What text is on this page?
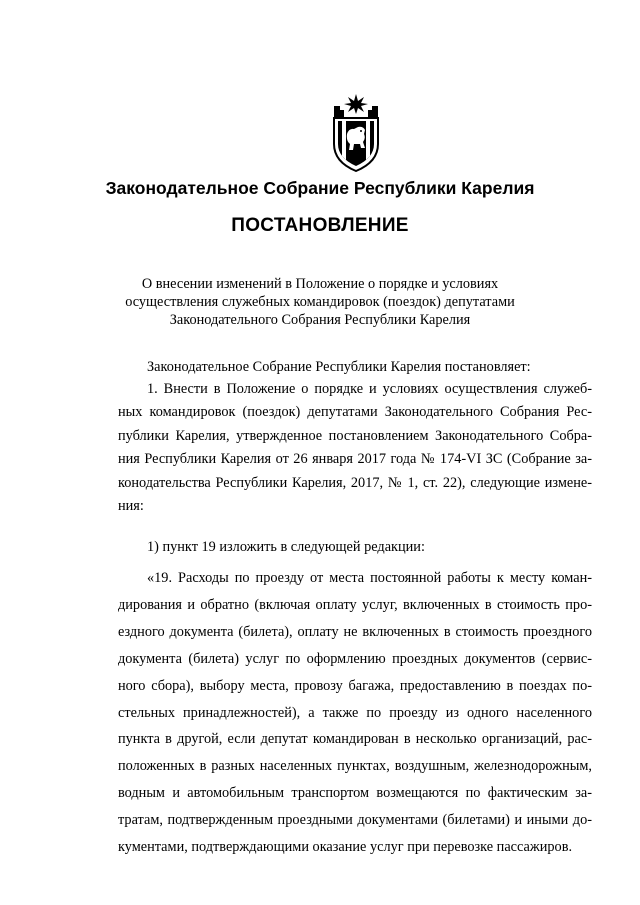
Законодательное Собрание Республики Карелия
ПОСТАНОВЛЕНИЕ
О внесении изменений в Положение о порядке и условиях
осуществления служебных командировок (поездок) депутатами
Законодательного Собрания Республики Карелия
Законодательное Собрание Республики Карелия постановляет:
1. Внести в Положение о порядке и условиях осуществления служеб-
ных командировок (поездок) депутатами Законодательного Собрания Рес-
публики Карелия, утвержденное постановлением Законодательного Собра-
ния Республики Карелия от 26 января 2017 года № 174-VI ЗС (Собрание за-
конодательства Республики Карелия, 2017, № 1, ст. 22), следующие измене-
ния:
1) пункт 19 изложить в следующей редакции:
«19. Расходы по проезду от места постоянной работы к месту коман-
дирования и обратно (включая оплату услуг, включенных в стоимость про-
ездного документа (билета), оплату не включенных в стоимость проездного
документа (билета) услуг по оформлению проездных документов (сервис-
ного сбора), выбору места, провозу багажа, предоставлению в поездах по-
стельных принадлежностей), а также по проезду из одного населенного
пункта в другой, если депутат командирован в несколько организаций, рас-
положенных в разных населенных пунктах, воздушным, железнодорожным,
водным и автомобильным транспортом возмещаются по фактическим за-
тратам, подтвержденным проездными документами (билетами) и иными до-
кументами, подтверждающими оказание услуг при перевозке пассажиров.
